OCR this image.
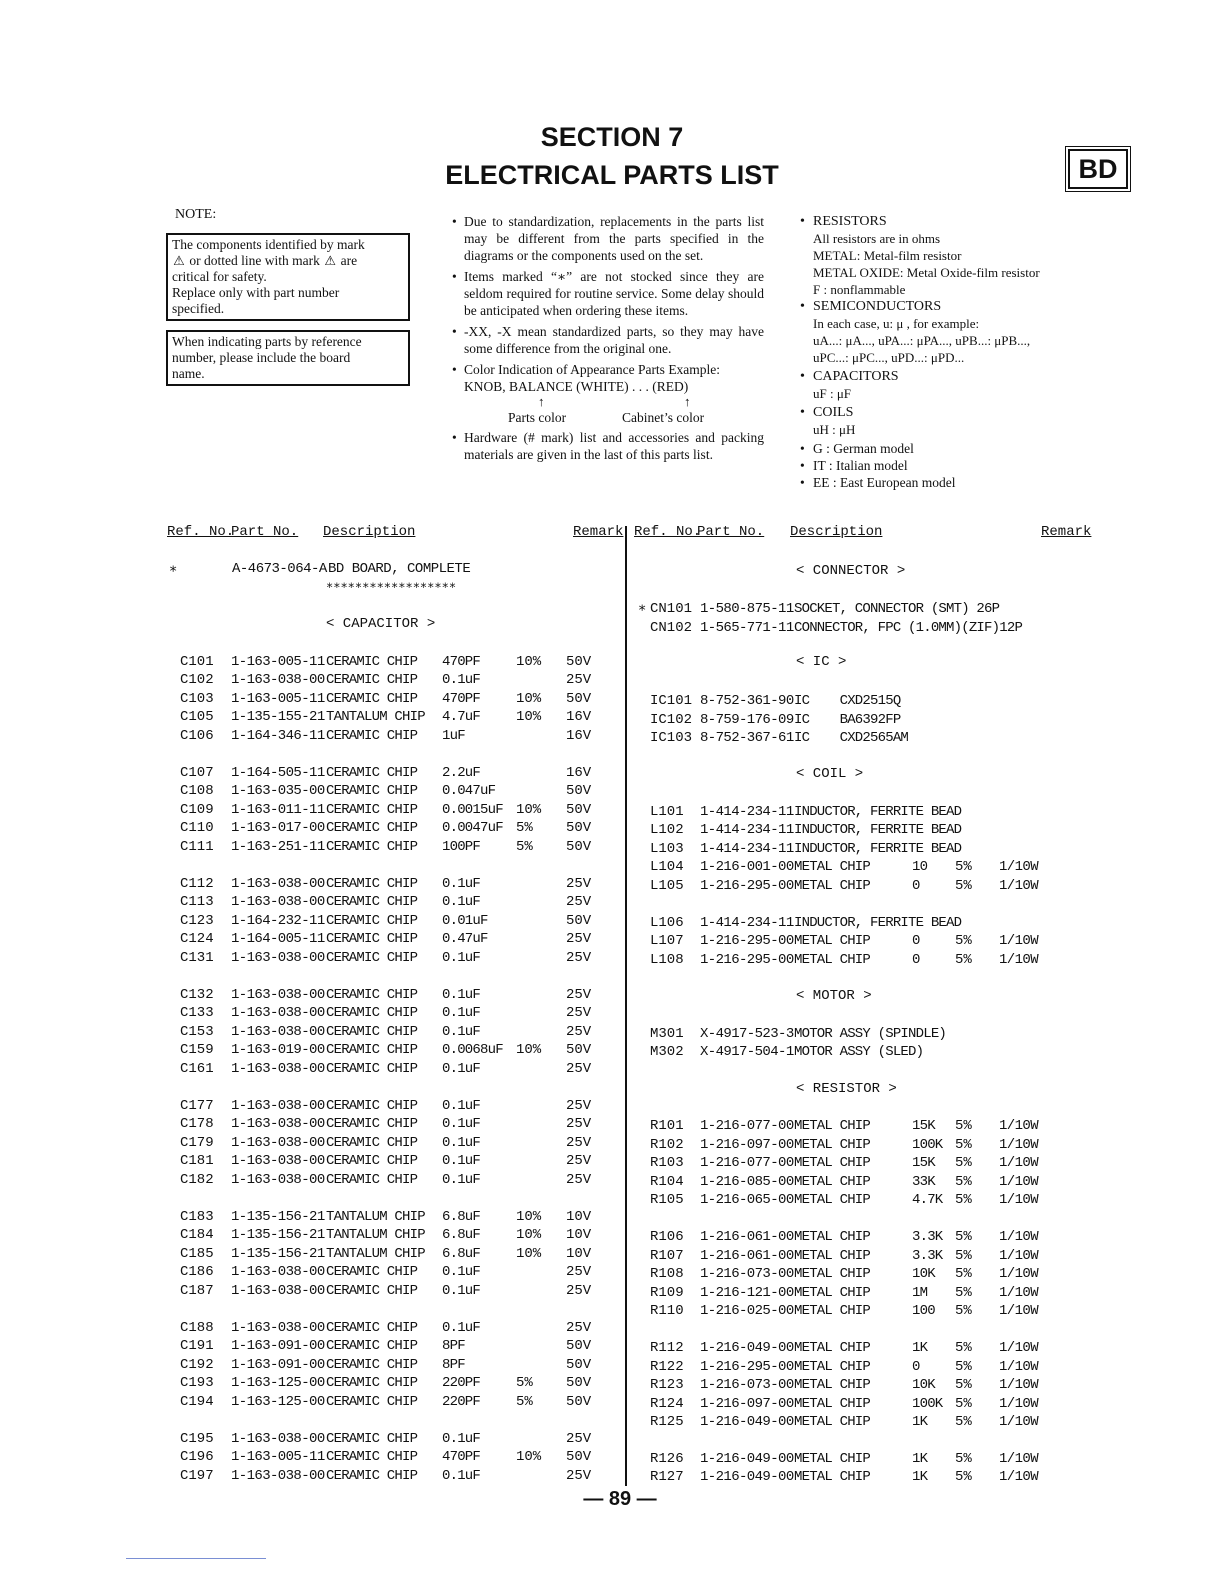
SECTION 7
ELECTRICAL PARTS LIST	BD
NOTE:

The components identified by mark

⚠ or dotted line with mark ⚠ are

critical for safety.

Replace only with part number

specified.

When indicating parts by reference

number, please include the board

name.

• Due to standardization, replacements in the parts list may be different from the parts specified in the diagrams or the components used on the set.
• Items marked “∗” are not stocked since they are seldom required for routine service. Some delay should be anticipated when ordering these items.
• -XX, -X mean standardized parts, so they may have some difference from the original one.
• Color Indication of Appearance Parts Example:
KNOB, BALANCE (WHITE) . . . (RED)
↑	↑
Parts color	Cabinet’s color
• Hardware (# mark) list and accessories and packing materials are given in the last of this parts list.
• RESISTORS
All resistors are in ohms
METAL: Metal-film resistor
METAL OXIDE: Metal Oxide-film resistor
F : nonflammable
• SEMICONDUCTORS
In each case, u: μ , for example:
uA...: μA..., uPA...: μPA..., uPB...: μPB...,
uPC...: μPC..., uPD...: μPD...
• CAPACITORS
uF : μF
• COILS
uH : μH
• G : German model
• IT : Italian model
• EE : East European model
Ref. No.
Part No. Description	Remark Ref. No.
Part No. Description	Remark
∗	A-4673-064-A BD BOARD, COMPLETE
∗∗∗∗∗∗∗∗∗∗∗∗∗∗∗∗∗∗
< CAPACITOR >
C101 1-163-005-11 CERAMIC CHIP 470PF	10% 50V
C102 1-163-038-00 CERAMIC CHIP 0.1uF	25V
C103 1-163-005-11 CERAMIC CHIP 470PF	10% 50V
C105 1-135-155-21 TANTALUM CHIP 4.7uF	10% 16V
C106 1-164-346-11 CERAMIC CHIP 1uF	16V
C107 1-164-505-11 CERAMIC CHIP 2.2uF	16V
C108 1-163-035-00 CERAMIC CHIP 0.047uF	50V
C109 1-163-011-11 CERAMIC CHIP 0.0015uF 10% 50V
C110 1-163-017-00 CERAMIC CHIP 0.0047uF 5% 50V
C111 1-163-251-11 CERAMIC CHIP 100PF	5% 50V
C112 1-163-038-00 CERAMIC CHIP 0.1uF	25V
C113 1-163-038-00 CERAMIC CHIP 0.1uF	25V
C123 1-164-232-11 CERAMIC CHIP 0.01uF	50V
C124 1-164-005-11 CERAMIC CHIP 0.47uF	25V
C131 1-163-038-00 CERAMIC CHIP 0.1uF	25V
C132 1-163-038-00 CERAMIC CHIP 0.1uF	25V
C133 1-163-038-00 CERAMIC CHIP 0.1uF	25V
C153 1-163-038-00 CERAMIC CHIP 0.1uF	25V
C159 1-163-019-00 CERAMIC CHIP 0.0068uF 10% 50V
C161 1-163-038-00 CERAMIC CHIP 0.1uF	25V
C177 1-163-038-00 CERAMIC CHIP 0.1uF	25V
C178 1-163-038-00 CERAMIC CHIP 0.1uF	25V
C179 1-163-038-00 CERAMIC CHIP 0.1uF	25V
C181 1-163-038-00 CERAMIC CHIP 0.1uF	25V
C182 1-163-038-00 CERAMIC CHIP 0.1uF	25V
C183 1-135-156-21 TANTALUM CHIP 6.8uF	10% 10V
C184 1-135-156-21 TANTALUM CHIP 6.8uF	10% 10V
C185 1-135-156-21 TANTALUM CHIP 6.8uF	10% 10V
C186 1-163-038-00 CERAMIC CHIP 0.1uF	25V
C187 1-163-038-00 CERAMIC CHIP 0.1uF	25V
C188 1-163-038-00 CERAMIC CHIP 0.1uF	25V
C191 1-163-091-00 CERAMIC CHIP 8PF	50V
C192 1-163-091-00 CERAMIC CHIP 8PF	50V
C193 1-163-125-00 CERAMIC CHIP 220PF	5% 50V
C194 1-163-125-00 CERAMIC CHIP 220PF	5% 50V
C195 1-163-038-00 CERAMIC CHIP 0.1uF	25V
C196 1-163-005-11 CERAMIC CHIP 470PF	10% 50V
C197 1-163-038-00 CERAMIC CHIP 0.1uF	25V
< CONNECTOR >
< IC >
< COIL >
< MOTOR >
< RESISTOR >
∗ CN101 1-580-875-11 SOCKET, CONNECTOR (SMT) 26P
CN102 1-565-771-11 CONNECTOR, FPC (1.0MM)(ZIF)12P
IC101 8-752-361-90 IC    CXD2515Q
IC102 8-759-176-09 IC    BA6392FP
IC103 8-752-367-61 IC    CXD2565AM
L101 1-414-234-11 INDUCTOR, FERRITE BEAD
L102 1-414-234-11 INDUCTOR, FERRITE BEAD
L103 1-414-234-11 INDUCTOR, FERRITE BEAD
L104 1-216-001-00 METAL CHIP	10 5% 1/10W
L105 1-216-295-00 METAL CHIP	0	5% 1/10W
L106 1-414-234-11 INDUCTOR, FERRITE BEAD
L107 1-216-295-00 METAL CHIP	0	5% 1/10W
L108 1-216-295-00 METAL CHIP	0	5% 1/10W
M301 X-4917-523-3 MOTOR ASSY (SPINDLE)
M302 X-4917-504-1 MOTOR ASSY (SLED)
R101 1-216-077-00 METAL CHIP	15K 5% 1/10W
R102 1-216-097-00 METAL CHIP	100K 5% 1/10W
R103 1-216-077-00 METAL CHIP	15K 5% 1/10W
R104 1-216-085-00 METAL CHIP	33K 5% 1/10W
R105 1-216-065-00 METAL CHIP	4.7K 5% 1/10W
R106 1-216-061-00 METAL CHIP	3.3K 5% 1/10W
R107 1-216-061-00 METAL CHIP	3.3K 5% 1/10W
R108 1-216-073-00 METAL CHIP	10K 5% 1/10W
R109 1-216-121-00 METAL CHIP	1M 5% 1/10W
R110 1-216-025-00 METAL CHIP	100 5% 1/10W
R112 1-216-049-00 METAL CHIP	1K 5% 1/10W
R122 1-216-295-00 METAL CHIP	0	5% 1/10W
R123 1-216-073-00 METAL CHIP	10K 5% 1/10W
R124 1-216-097-00 METAL CHIP	100K 5% 1/10W
R125 1-216-049-00 METAL CHIP	1K 5% 1/10W
R126 1-216-049-00 METAL CHIP	1K 5% 1/10W
R127 1-216-049-00 METAL CHIP	1K 5% 1/10W
— 89 —
